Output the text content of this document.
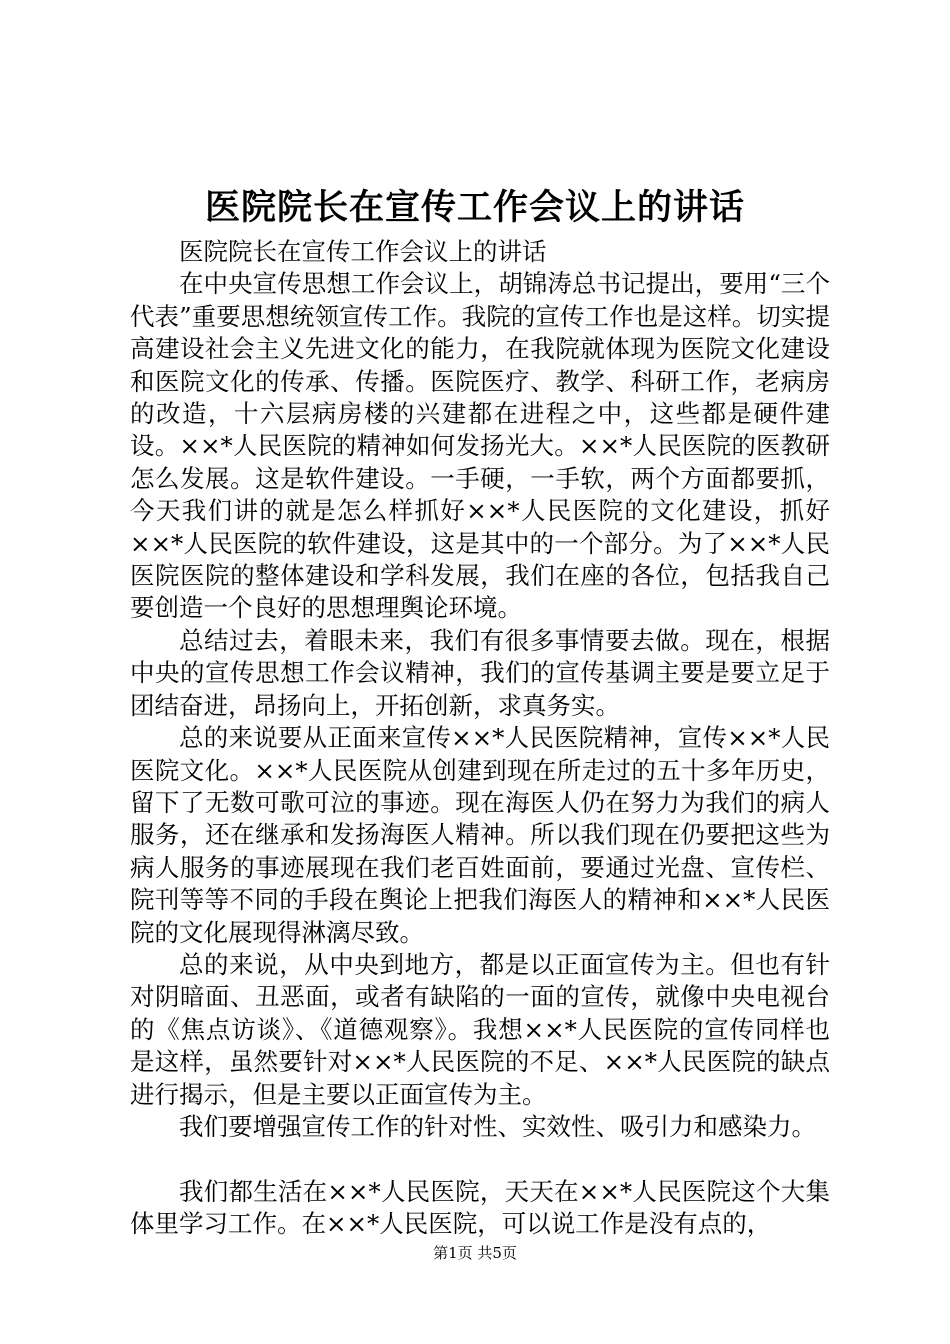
医院院长在宣传工作会议上的讲话

医院院长在宣传工作会议上的讲话

在中央宣传思想工作会议上，胡锦涛总书记提出，要用“三个代表”重要思想统领宣传工作。我院的宣传工作也是这样。切实提高建设社会主义先进文化的能力，在我院就体现为医院文化建设和医院文化的传承、传播。医院医疗、教学、科研工作，老病房的改造，十六层病房楼的兴建都在进程之中，这些都是硬件建设。××*人民医院的精神如何发扬光大。××*人民医院的医教研怎么发展。这是软件建设。一手硬，一手软，两个方面都要抓，今天我们讲的就是怎么样抓好××*人民医院的文化建设，抓好××*人民医院的软件建设，这是其中的一个部分。为了××*人民医院医院的整体建设和学科发展，我们在座的各位，包括我自己要创造一个良好的思想理舆论环境。

总结过去，着眼未来，我们有很多事情要去做。现在，根据中央的宣传思想工作会议精神，我们的宣传基调主要是要立足于团结奋进，昂扬向上，开拓创新，求真务实。

总的来说要从正面来宣传××*人民医院精神，宣传××*人民医院文化。××*人民医院从创建到现在所走过的五十多年历史，留下了无数可歌可泣的事迹。现在海医人仍在努力为我们的病人服务，还在继承和发扬海医人精神。所以我们现在仍要把这些为病人服务的事迹展现在我们老百姓面前，要通过光盘、宣传栏、院刊等等不同的手段在舆论上把我们海医人的精神和××*人民医院的文化展现得淋漓尽致。

总的来说，从中央到地方，都是以正面宣传为主。但也有针对阴暗面、丑恶面，或者有缺陷的一面的宣传，就像中央电视台的《焦点访谈》、《道德观察》。我想××*人民医院的宣传同样也是这样，虽然要针对××*人民医院的不足、××*人民医院的缺点进行揭示，但是主要以正面宣传为主。

我们要增强宣传工作的针对性、实效性、吸引力和感染力。

我们都生活在××*人民医院，天天在××*人民医院这个大集体里学习工作。在××*人民医院，可以说工作是没有点的，

第1页 共5页
